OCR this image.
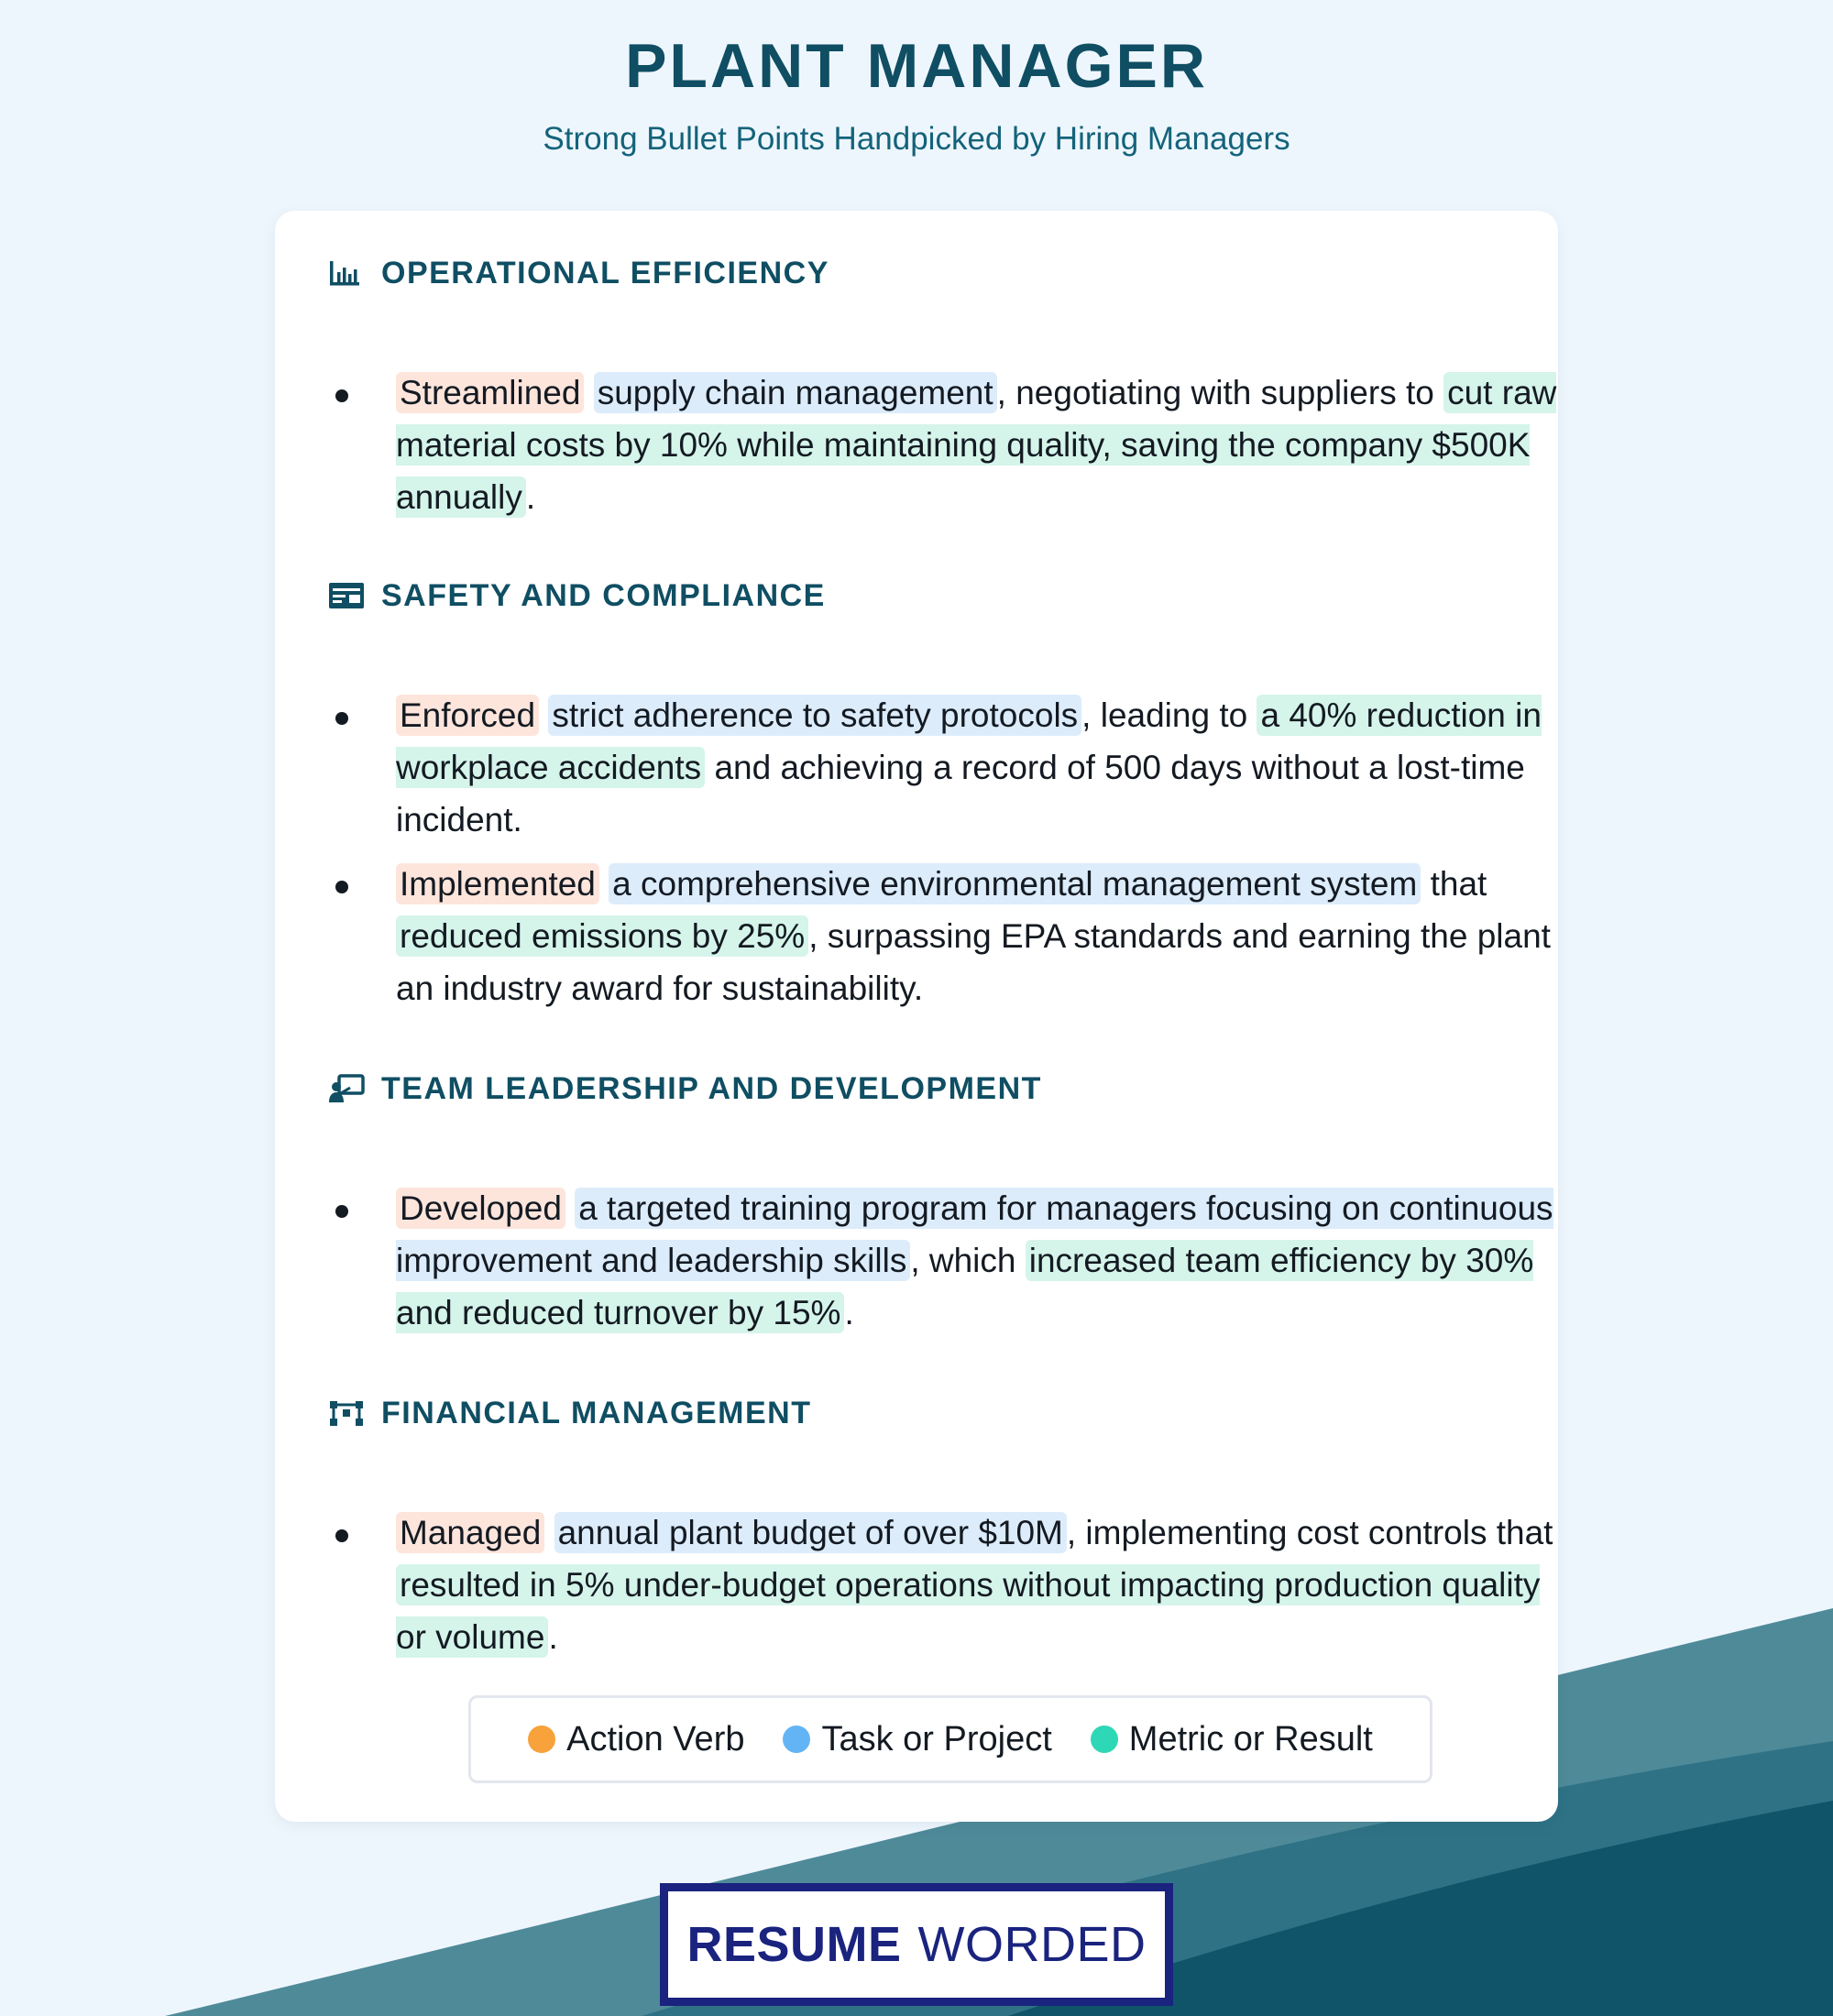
PLANT MANAGER
Strong Bullet Points Handpicked by Hiring Managers
OPERATIONAL EFFICIENCY
Streamlined supply chain management , negotiating with suppliers to cut raw material costs by 10% while maintaining quality, saving the company $500K annually .
SAFETY AND COMPLIANCE
Enforced strict adherence to safety protocols , leading to a 40% reduction in workplace accidents and achieving a record of 500 days without a lost-time incident.
Implemented a comprehensive environmental management system that reduced emissions by 25% , surpassing EPA standards and earning the plant an industry award for sustainability.
TEAM LEADERSHIP AND DEVELOPMENT
Developed a targeted training program for managers focusing on continuous improvement and leadership skills , which increased team efficiency by 30% and reduced turnover by 15% .
FINANCIAL MANAGEMENT
Managed annual plant budget of over $10M , implementing cost controls that resulted in 5% under-budget operations without impacting production quality or volume .
Action Verb Task or Project Metric or Result
RESUME WORDED
